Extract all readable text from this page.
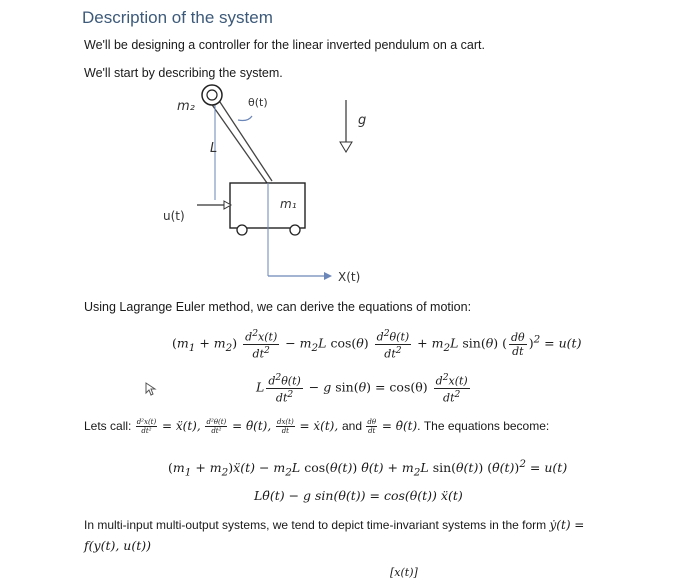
Description of the system
We'll be designing a controller for the linear inverted pendulum on a cart.
We'll start by describing the system.
m₂	θ(t)
L
m₁
X(t)
u(t)
g
Using Lagrange Euler method, we can derive the equations of motion:
$(m_1 + m_2) \frac{d^2x(t)}{dt^2} - m_2L$ $\cos(\theta) \frac{d^2\theta(t)}{dt^2} + m_2L$ sin(θ) ( $\frac{d\theta}{dt} )^2 = u(t)$
L $\frac{d^2\theta(t)}{dt^2} - g$ $\sin(\theta) = \cos(\theta) \frac{d^2x(t)}{dt^2}$
Lets call: $\frac{\text{d²x(t)}}{\text{dt²}}$ = ẍ(t), $\frac{\text{d²θ(t)}}{\text{dt²}}$ = θ̈(t), $\frac{dx(t)}{dt}$ = ẋ(t), and $\frac{d\theta}{dt}$ = θ̇(t). The equations become:
($m_1$ + $m_2)ẍ(t) - m_2L$ cos(θ(t)) θ̈(t) + $m_2L$ sin(θ(t)) (θ̇(t))$^2$ = u(t)
Lθ̈(t) − g sin(θ(t)) = cos(θ(t)) ẍ(t)
In multi-input multi-output systems, we tend to depict time-invariant systems in the form ẏ(t) =
f(y(t), u(t))
[x(t)]
